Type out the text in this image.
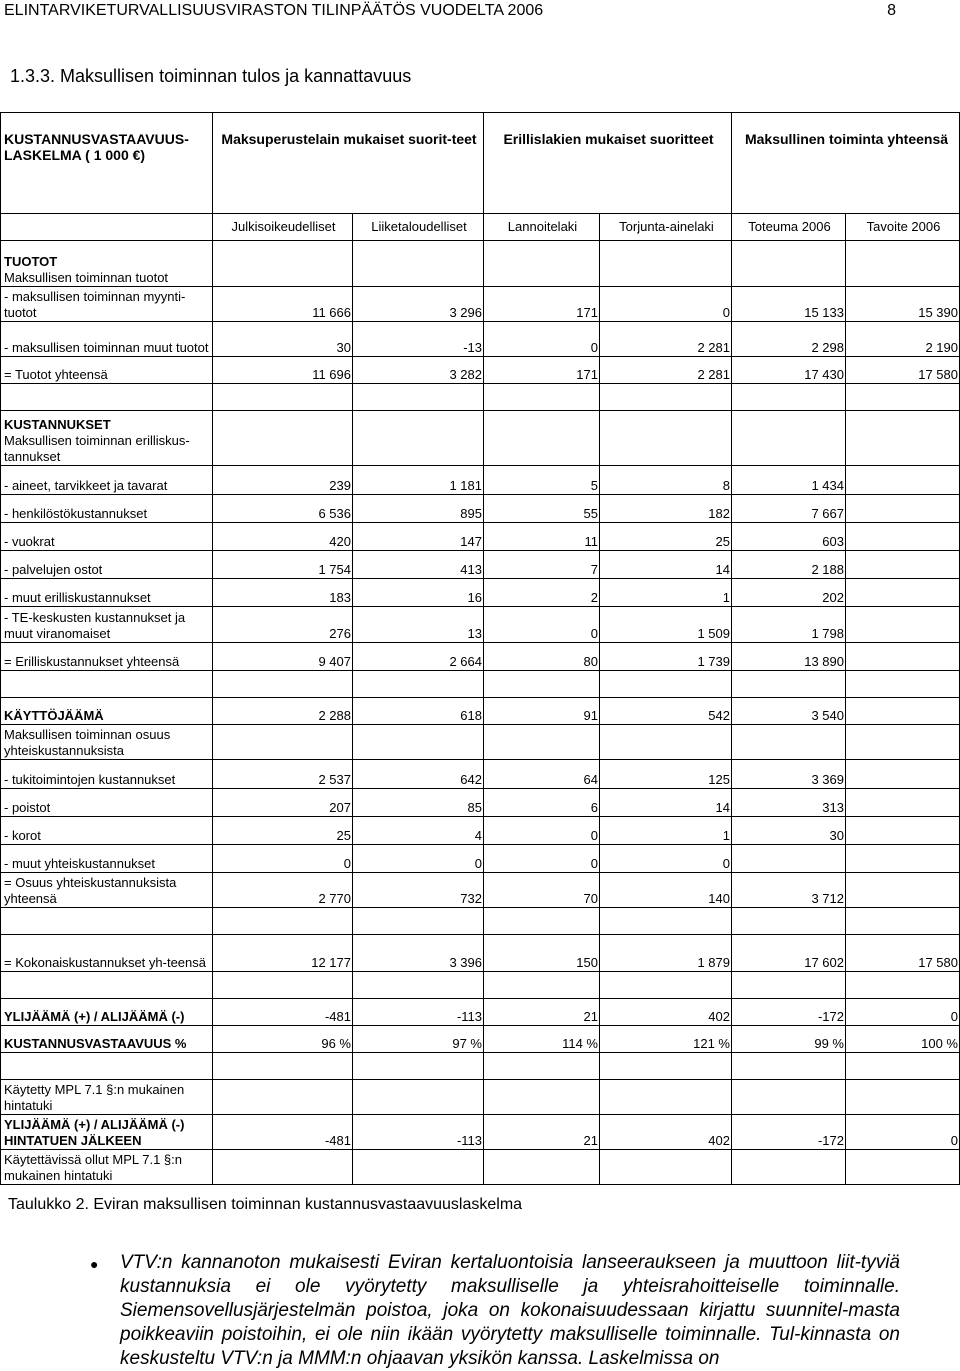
ELINTARVIKETURVALLISUUSVIRASTON TILINPÄÄTÖS VUODELTA 2006	8
1.3.3. Maksullisen toiminnan tulos ja kannattavuus
KUSTANNUSVASTAAVUUS-LASKELMA ( 1 000 €)	Maksuperustelain mukaiset suorit-teet		Erillislakien mukaiset suoritteet		Maksullinen toiminta yhteensä	

	Julkisoikeudelliset	Liiketaloudelliset	Lannoitelaki	Torjunta-ainelaki	Toteuma 2006	Tavoite 2006

TUOTOT
Maksullisen toiminnan tuotot						

- maksullisen toiminnan myynti-tuotot	11 666	3 296	171	0	15 133	15 390
- maksullisen toiminnan muut tuotot	30	-13	0	2 281	2 298	2 190
= Tuotot yhteensä	11 696	3 282	171	2 281	17 430	17 580

KUSTANNUKSET
Maksullisen toiminnan erilliskus-tannukset						

- aineet, tarvikkeet ja tavarat	239	1 181	5	8	1 434	
- henkilöstökustannukset	6 536	895	55	182	7 667	
- vuokrat	420	147	11	25	603	
- palvelujen ostot	1 754	413	7	14	2 188	
- muut erilliskustannukset	183	16	2	1	202	
- TE-keskusten kustannukset ja muut viranomaiset	276	13	0	1 509	1 798	
= Erilliskustannukset yhteensä	9 407	2 664	80	1 739	13 890	

KÄYTTÖJÄÄMÄ	2 288	618	91	542	3 540	
Maksullisen toiminnan osuus yhteiskustannuksista						
- tukitoimintojen kustannukset	2 537	642	64	125	3 369	
- poistot	207	85	6	14	313	
- korot	25	4	0	1	30	
- muut yhteiskustannukset	0	0	0	0		
= Osuus yhteiskustannuksista yhteensä	2 770	732	70	140	3 712	

= Kokonaiskustannukset yh-teensä	12 177	3 396	150	1 879	17 602	17 580

YLIJÄÄMÄ (+) / ALIJÄÄMÄ (-)	-481	-113	21	402	-172	0
KUSTANNUSVASTAAVUUS %	96 %	97 %	114 %	121 %	99 %	100 %

Käytetty MPL 7.1 §:n mukainen hintatuki						
YLIJÄÄMÄ (+) / ALIJÄÄMÄ (-) HINTATUEN JÄLKEEN	-481	-113	21	402	-172	0
Käytettävissä ollut MPL 7.1 §:n mukainen hintatuki						
Taulukko 2. Eviran maksullisen toiminnan kustannusvastaavuuslaskelma
● VTV:n kannanoton mukaisesti Eviran kertaluontoisia lanseeraukseen ja muuttoon liit-tyviä kustannuksia ei ole vyörytetty maksulliselle ja yhteisrahoitteiselle toiminnalle. Siemensovellusjärjestelmän poistoa, joka on kokonaisuudessaan kirjattu suunnitel-masta poikkeaviin poistoihin, ei ole niin ikään vyörytetty maksulliselle toiminnalle. Tul-kinnasta on keskusteltu VTV:n ja MMM:n ohjaavan yksikön kanssa. Laskelmissa on
